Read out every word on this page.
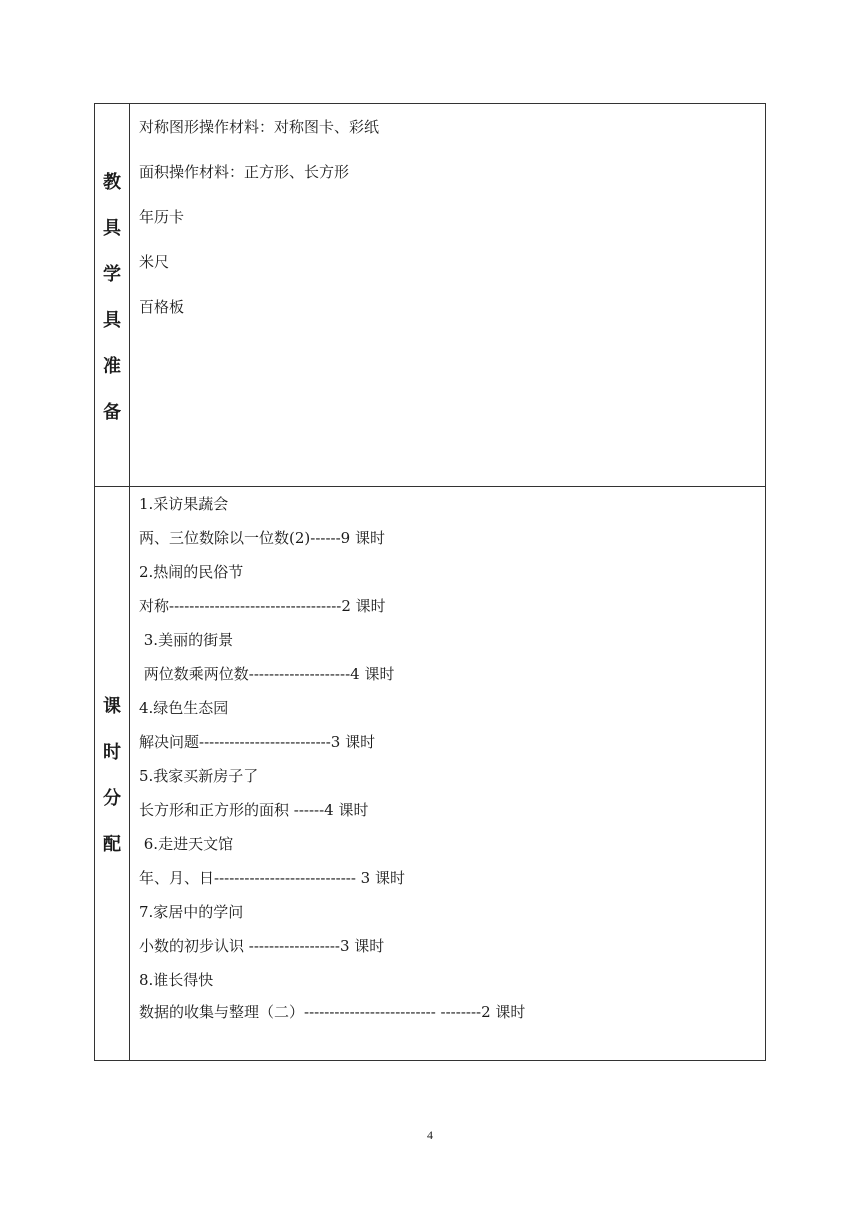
教
具
学
具
准
备
课
时
分
配
对称图形操作材料：对称图卡、彩纸
面积操作材料：正方形、长方形
年历卡
米尺
百格板
1.采访果蔬会
两、三位数除以一位数(2)------9 课时
2.热闹的民俗节
对称----------------------------------2 课时
3.美丽的街景
两位数乘两位数--------------------4 课时
4.绿色生态园
解决问题--------------------------3 课时
5.我家买新房子了
长方形和正方形的面积 ------4 课时
6.走进天文馆
年、月、日---------------------------- 3 课时
7.家居中的学问
小数的初步认识 ------------------3 课时
8.谁长得快
数据的收集与整理（二）-------------------------- --------2 课时
4
